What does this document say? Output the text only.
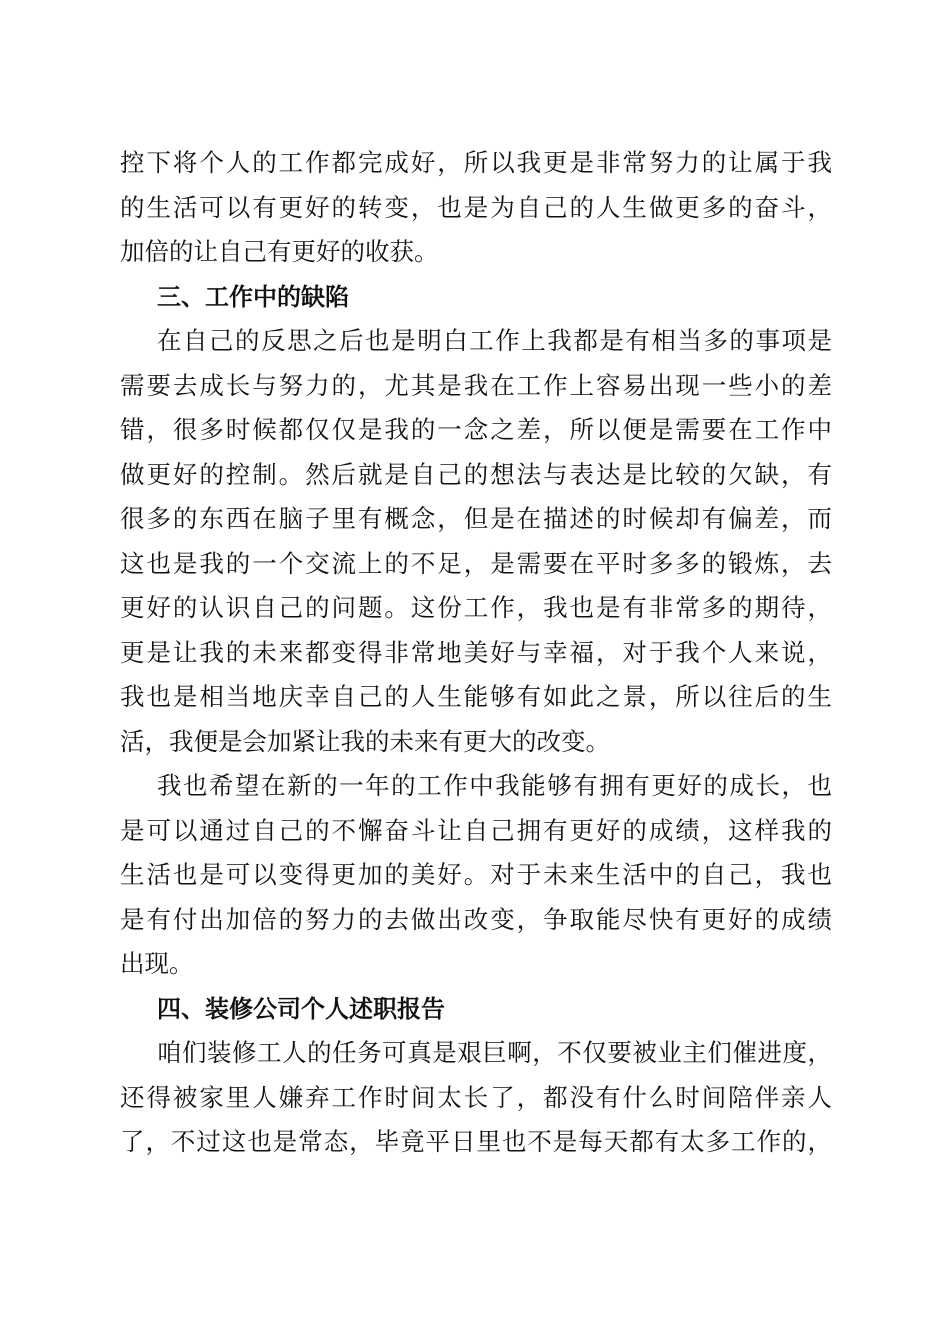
控下将个人的工作都完成好，所以我更是非常努力的让属于我
的生活可以有更好的转变，也是为自己的人生做更多的奋斗，
加倍的让自己有更好的收获。
三、工作中的缺陷
在自己的反思之后也是明白工作上我都是有相当多的事项是
需要去成长与努力的，尤其是我在工作上容易出现一些小的差
错，很多时候都仅仅是我的一念之差，所以便是需要在工作中
做更好的控制。然后就是自己的想法与表达是比较的欠缺，有
很多的东西在脑子里有概念，但是在描述的时候却有偏差，而
这也是我的一个交流上的不足，是需要在平时多多的锻炼，去
更好的认识自己的问题。这份工作，我也是有非常多的期待，
更是让我的未来都变得非常地美好与幸福，对于我个人来说，
我也是相当地庆幸自己的人生能够有如此之景，所以往后的生
活，我便是会加紧让我的未来有更大的改变。
我也希望在新的一年的工作中我能够有拥有更好的成长，也
是可以通过自己的不懈奋斗让自己拥有更好的成绩，这样我的
生活也是可以变得更加的美好。对于未来生活中的自己，我也
是有付出加倍的努力的去做出改变，争取能尽快有更好的成绩
出现。
四、装修公司个人述职报告
咱们装修工人的任务可真是艰巨啊，不仅要被业主们催进度，
还得被家里人嫌弃工作时间太长了，都没有什么时间陪伴亲人
了，不过这也是常态，毕竟平日里也不是每天都有太多工作的，
